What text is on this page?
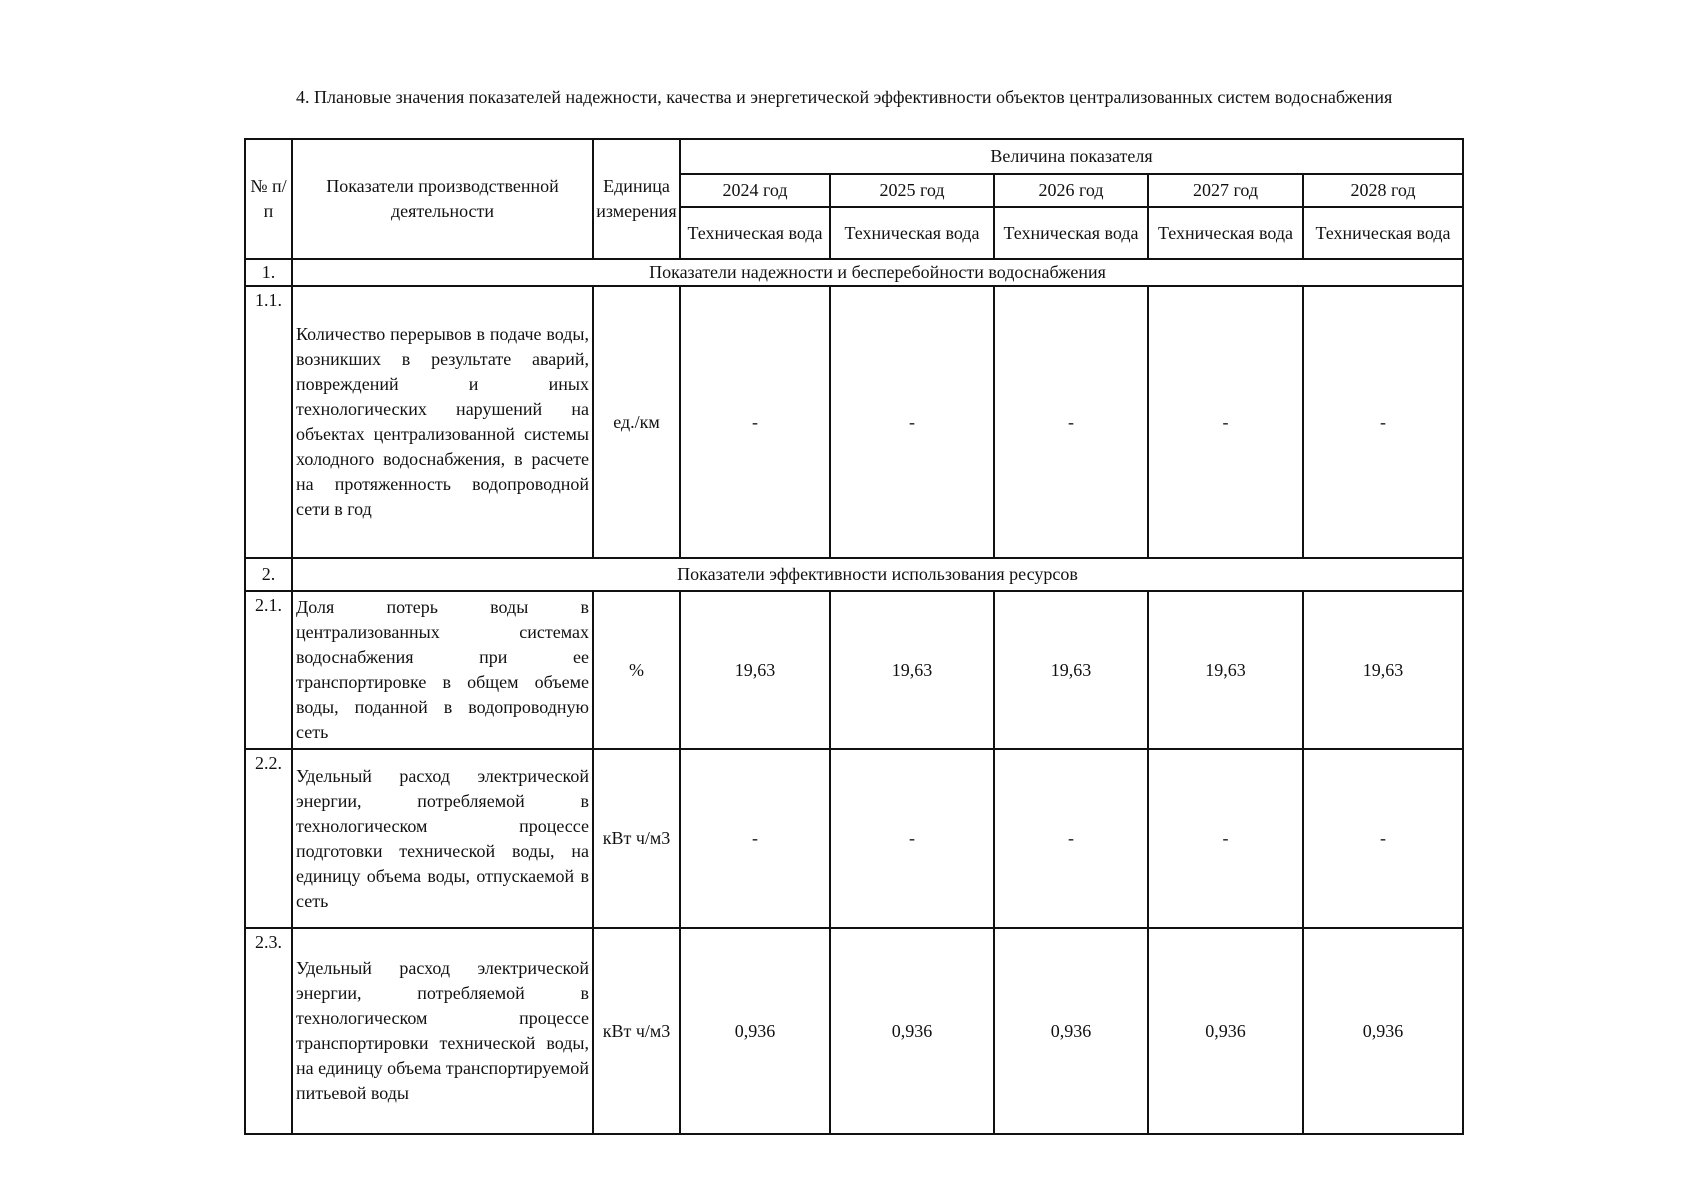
4. Плановые значения показателей надежности, качества и энергетической эффективности объектов централизованных систем водоснабжения

№ п/п	Показатели производственной деятельности	Единица измерения	Величина показателя				
			2024 год	2025 год	2026 год	2027 год	2028 год
			Техническая вода	Техническая вода	Техническая вода	Техническая вода	Техническая вода
1.	Показатели надежности и бесперебойности водоснабжения						
1.1.	Количество перерывов в подаче воды, возникших в результате аварий, повреждений и иных технологических нарушений на объектах централизованной системы холодного водоснабжения, в расчете на протяженность водопроводной сети в год	ед./км	-	-	-	-	-
2.	Показатели эффективности использования ресурсов						
2.1.	Доля потерь воды в централизованных системах водоснабжения при ее транспортировке в общем объеме воды, поданной в водопроводную сеть	%	19,63	19,63	19,63	19,63	19,63
2.2.	Удельный расход электрической энергии, потребляемой в технологическом процессе подготовки технической воды, на единицу объема воды, отпускаемой в сеть	кВт ч/м3	-	-	-	-	-
2.3.	Удельный расход электрической энергии, потребляемой в технологическом процессе транспортировки технической воды, на единицу объема транспортируемой питьевой воды	кВт ч/м3	0,936	0,936	0,936	0,936	0,936
